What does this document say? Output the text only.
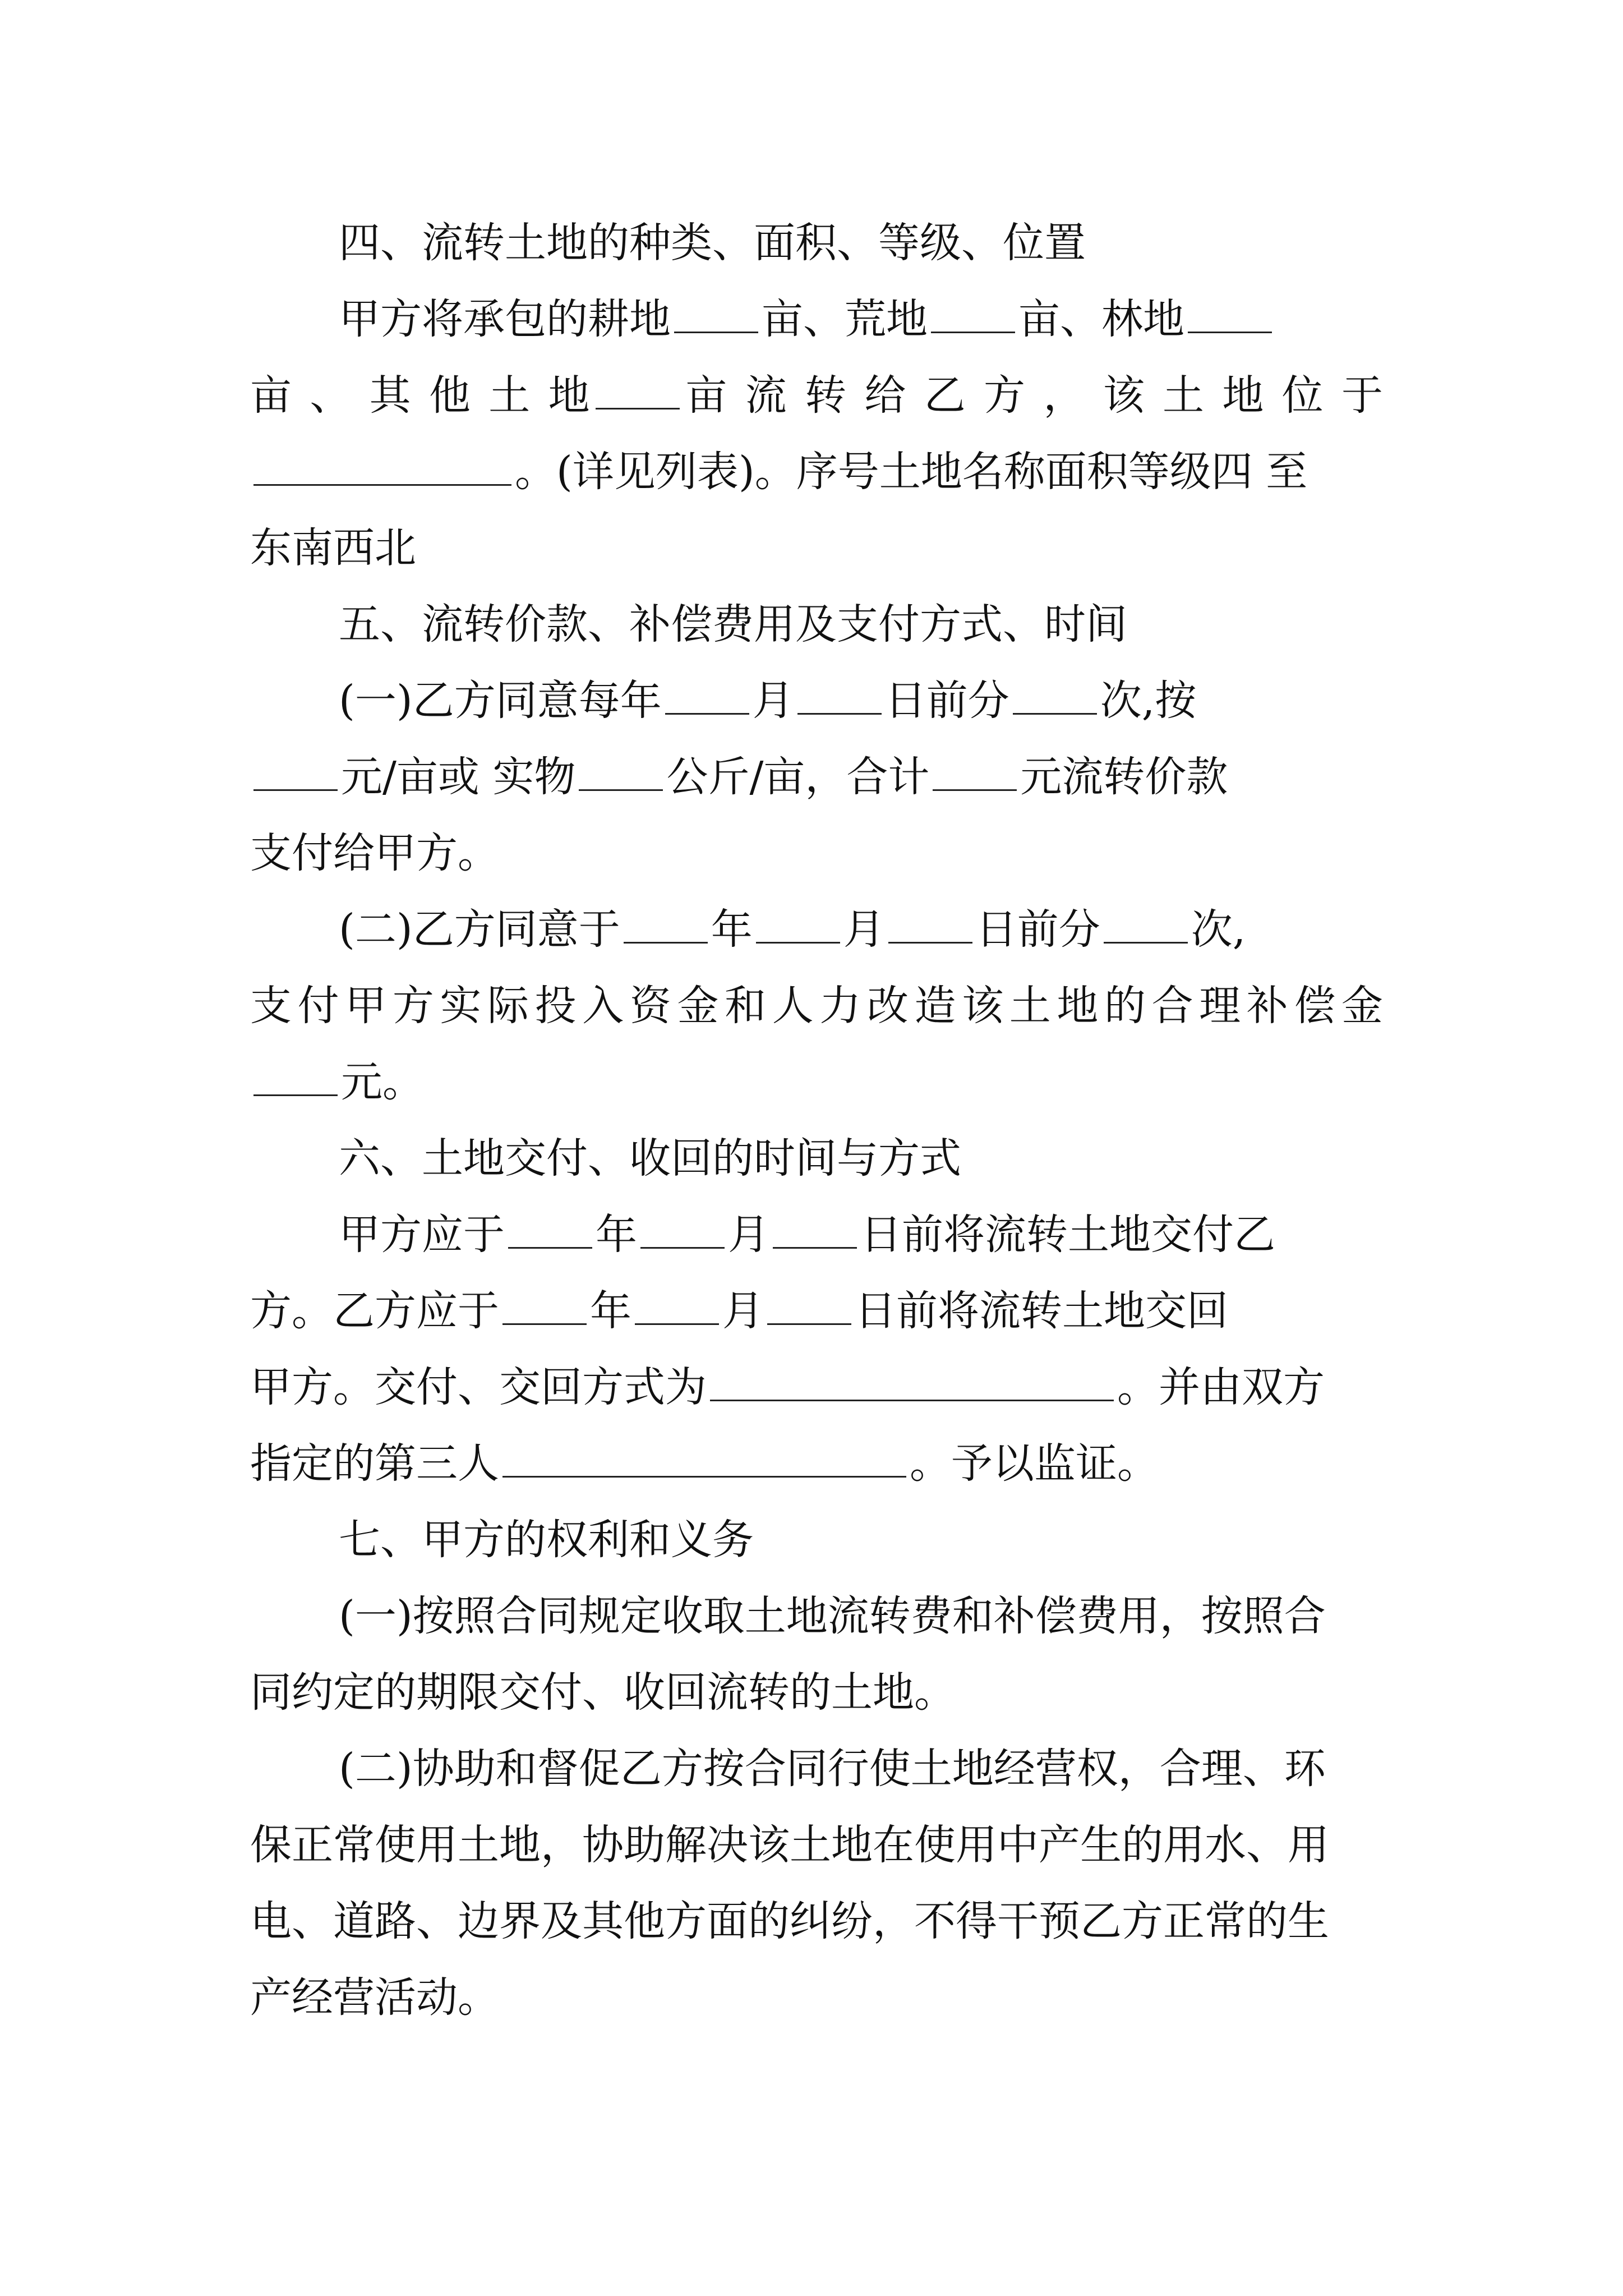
四、流转土地的种类、面积、等级、位置
甲方将承包的耕地 亩、荒地 亩、林地
亩 、 其 他 土 地 亩 流 转 给 乙 方 ， 该 土 地 位 于
。(详见列表)。序号土地名称面积等级四 至
东南西北
五、流转价款、补偿费用及支付方式、时间
(一)乙方同意每年 月 日前分 次,按
元/亩或 实物 公斤/亩，合计 元流转价款
支付给甲方。
(二)乙方同意于 年 月 日前分 次,
支付甲方实际投入资金和人力改造该土地的合理补偿金
元。
六、土地交付、收回的时间与方式
甲方应于 年 月 日前将流转土地交付乙
方。乙方应于 年 月 日前将流转土地交回
甲方。交付、交回方式为	。并由双方
指定的第三人	。予以监证。
七、甲方的权利和义务
(一)按照合同规定收取土地流转费和补偿费用，按照合
同约定的期限交付、收回流转的土地。
(二)协助和督促乙方按合同行使土地经营权，合理、环
保正常使用土地，协助解决该土地在使用中产生的用水、用
电、道路、边界及其他方面的纠纷，不得干预乙方正常的生
产经营活动。
